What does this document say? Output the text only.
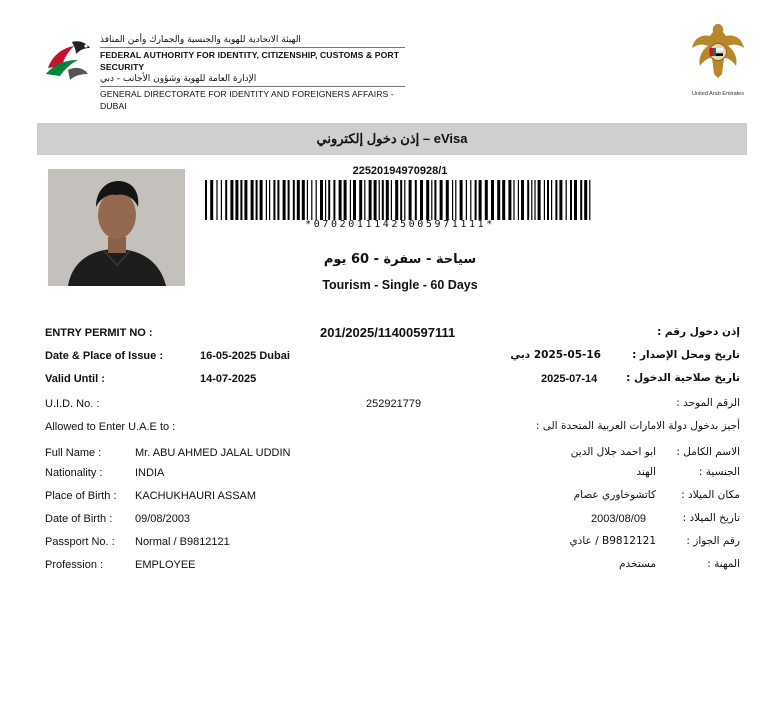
الهيئة الاتحادية للهوية والجنسية والجمارك وأمن المنافذ
FEDERAL AUTHORITY FOR IDENTITY, CITIZENSHIP, CUSTOMS & PORT SECURITY
الإدارة العامة للهوية وشؤون الأجانب - دبي
GENERAL DIRECTORATE FOR IDENTITY AND FOREIGNERS AFFAIRS - DUBAI
United Arab Emirates
إذن دخول إلكتروني – eVisa
22520194970928/1
*07020111425005971111*
سياحة - سفرة - 60 يوم
Tourism - Single - 60 Days
ENTRY PERMIT NO :	201/2025/11400597111	إذن دخول رقم :
Date & Place of Issue :	16-05-2025 Dubai	2025-05-16 دبي	تاريخ ومحل الإصدار :
Valid Until :	14-07-2025	2025-07-14	تاريخ صلاحية الدخول :
U.I.D. No. :	252921779	الرقم الموحد :
Allowed to Enter U.A.E to :	أجيز بدخول دولة الامارات العربية المتحدة الى :
Full Name :	Mr. ABU AHMED JALAL UDDIN	ابو احمد جلال الدين الاسم الكامل :
Nationality :	INDIA	الهند	الجنسية :
Place of Birth : KACHUKHAURI ASSAM	كاتشوخاوري عصام مكان الميلاد :
Date of Birth : 09/08/2003	2003/08/09	تاريخ الميلاد :
Passport No. : Normal / B9812121	B9812121 / عادي	رقم الجواز :
Profession :	EMPLOYEE	مستخدم	المهنة :
